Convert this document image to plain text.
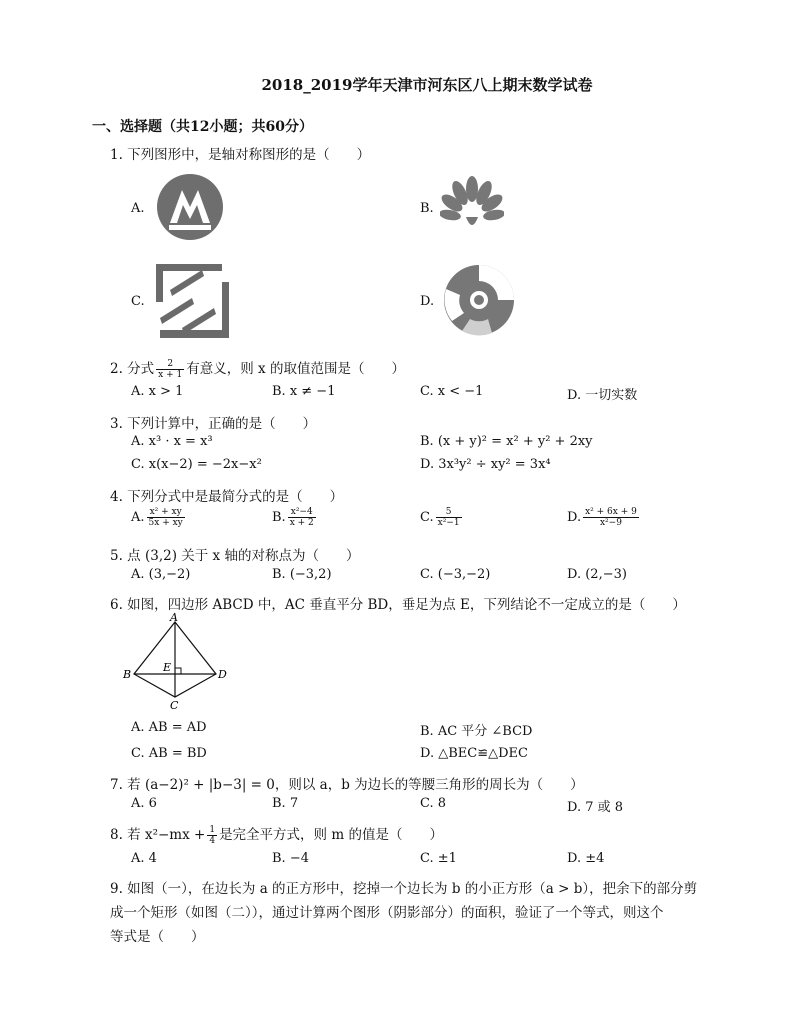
2018_2019学年天津市河东区八上期末数学试卷
一、选择题（共12小题；共60分）
1. 下列图形中，是轴对称图形的是（　　）
A.	B.
C.	D.
2. 分式 $\frac{2}{x + 1}$ 有意义，则 x 的取值范围是（　　）
A. x > 1	B. x ≠ −1	C. x < −1	D. 一切实数
3. 下列计算中，正确的是（　　）
A. x³ · x = x³	B. (x + y)² = x² + y² + 2xy
C. x(x−2) = −2x−x²	D. 3x³y² ÷ xy² = 3x⁴
4. 下列分式中是最简分式的是（　　）
A. $\frac{\text{x² + xy}}{5x + xy}$	B. $\frac{\text{x²−4}}{x + 2}$	C. $\frac{5}{\text{x²−1}}$	D. $\frac{\text{x² + 6x + 9}}{\text{x²−9}}$
5. 点 (3,2) 关于 x 轴的对称点为（　　）
A. (3,−2)	B. (−3,2)	C. (−3,−2)	D. (2,−3)
6. 如图，四边形 ABCD 中，AC 垂直平分 BD，垂足为点 E，下列结论不一定成立的是（　　）
A
B
C
D
E
A. AB = AD	B. AC 平分 ∠BCD
C. AB = BD	D. △BEC≌△DEC
7. 若 (a−2)² + |b−3| = 0，则以 a，b 为边长的等腰三角形的周长为（　　）
A. 6	B. 7	C. 8	D. 7 或 8
8. 若 $x^2-mx + \frac{1}{4}$ 是完全平方式，则 m 的值是（　　）
A. 4	B. −4	C. ±1	D. ±4
9. 如图（一），在边长为 a 的正方形中，挖掉一个边长为 b 的小正方形（a > b），把余下的部分剪
成一个矩形（如图（二）），通过计算两个图形（阴影部分）的面积，验证了一个等式，则这个
等式是（　　）
